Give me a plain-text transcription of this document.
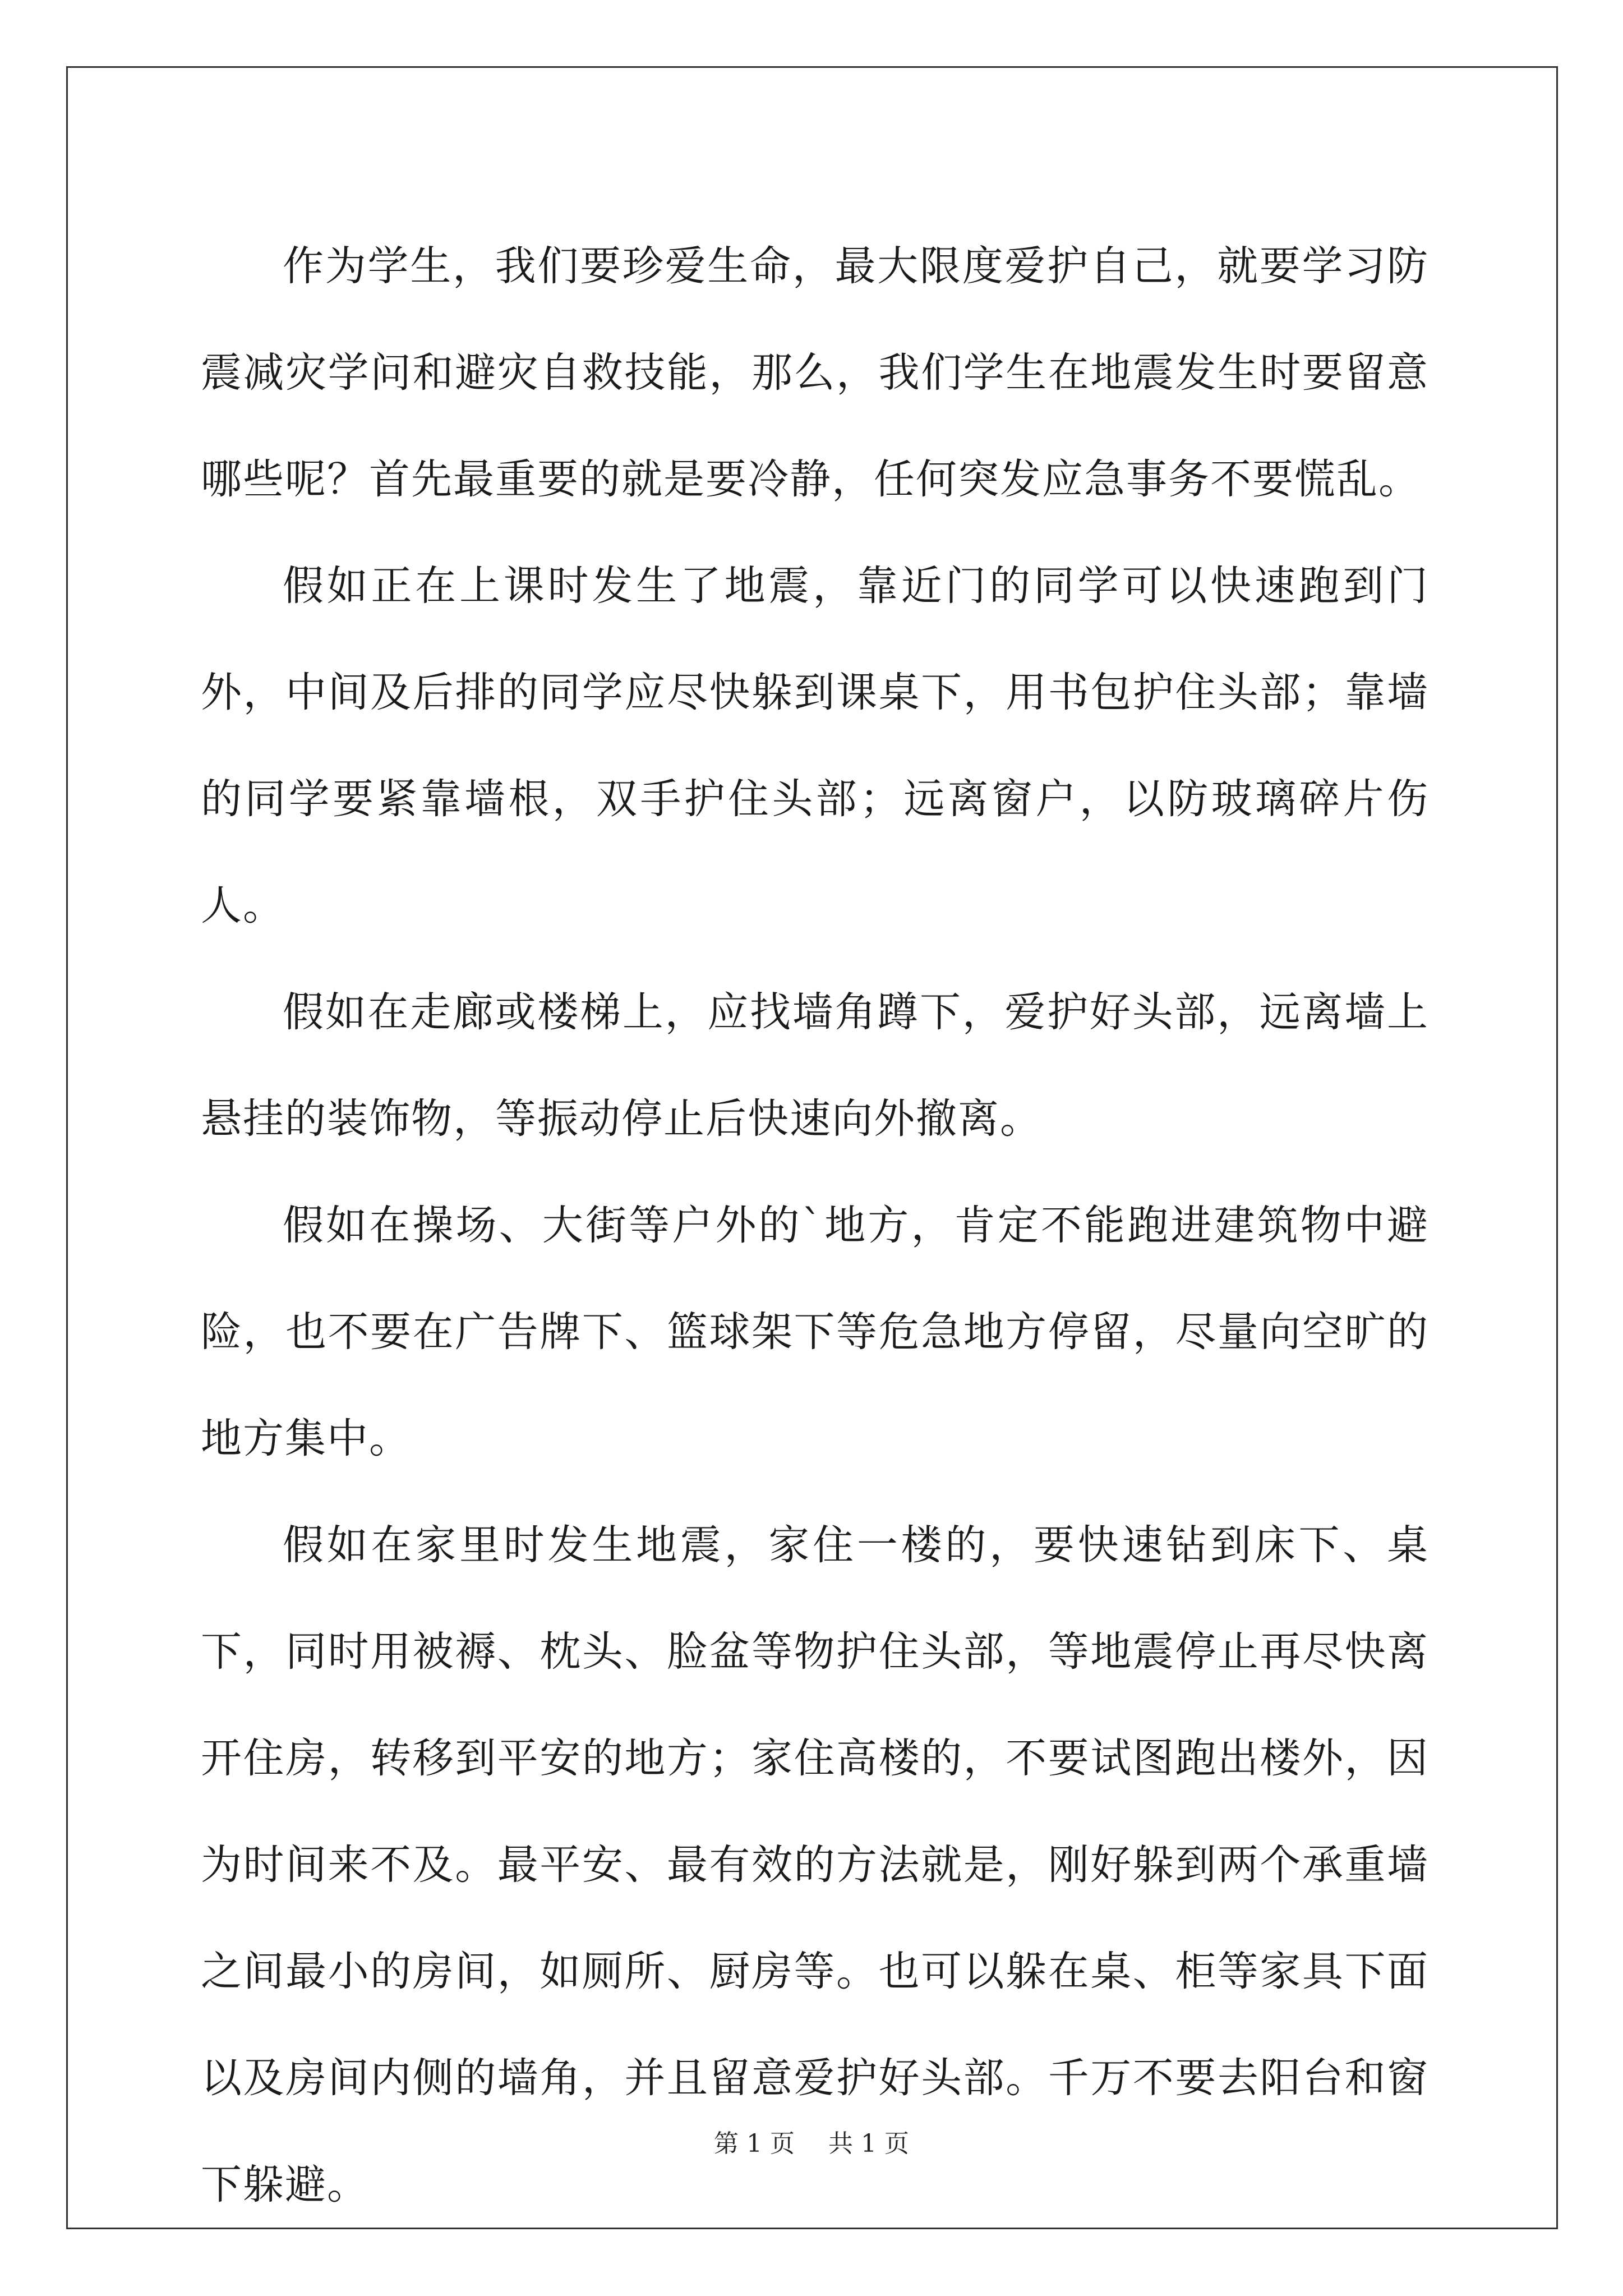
作为学生，我们要珍爱生命，最大限度爱护自己，就要学习防震减灾学问和避灾自救技能，那么，我们学生在地震发生时要留意哪些呢？首先最重要的就是要冷静，任何突发应急事务不要慌乱。

假如正在上课时发生了地震，靠近门的同学可以快速跑到门外，中间及后排的同学应尽快躲到课桌下，用书包护住头部；靠墙的同学要紧靠墙根，双手护住头部；远离窗户，以防玻璃碎片伤人。

假如在走廊或楼梯上，应找墙角蹲下，爱护好头部，远离墙上悬挂的装饰物，等振动停止后快速向外撤离。

假如在操场、大街等户外的`地方，肯定不能跑进建筑物中避险，也不要在广告牌下、篮球架下等危急地方停留，尽量向空旷的地方集中。

假如在家里时发生地震，家住一楼的，要快速钻到床下、桌下，同时用被褥、枕头、脸盆等物护住头部，等地震停止再尽快离开住房，转移到平安的地方；家住高楼的，不要试图跑出楼外，因为时间来不及。最平安、最有效的方法就是，刚好躲到两个承重墙之间最小的房间，如厕所、厨房等。也可以躲在桌、柜等家具下面以及房间内侧的墙角，并且留意爱护好头部。千万不要去阳台和窗下躲避。

第 1 页 共 1 页
